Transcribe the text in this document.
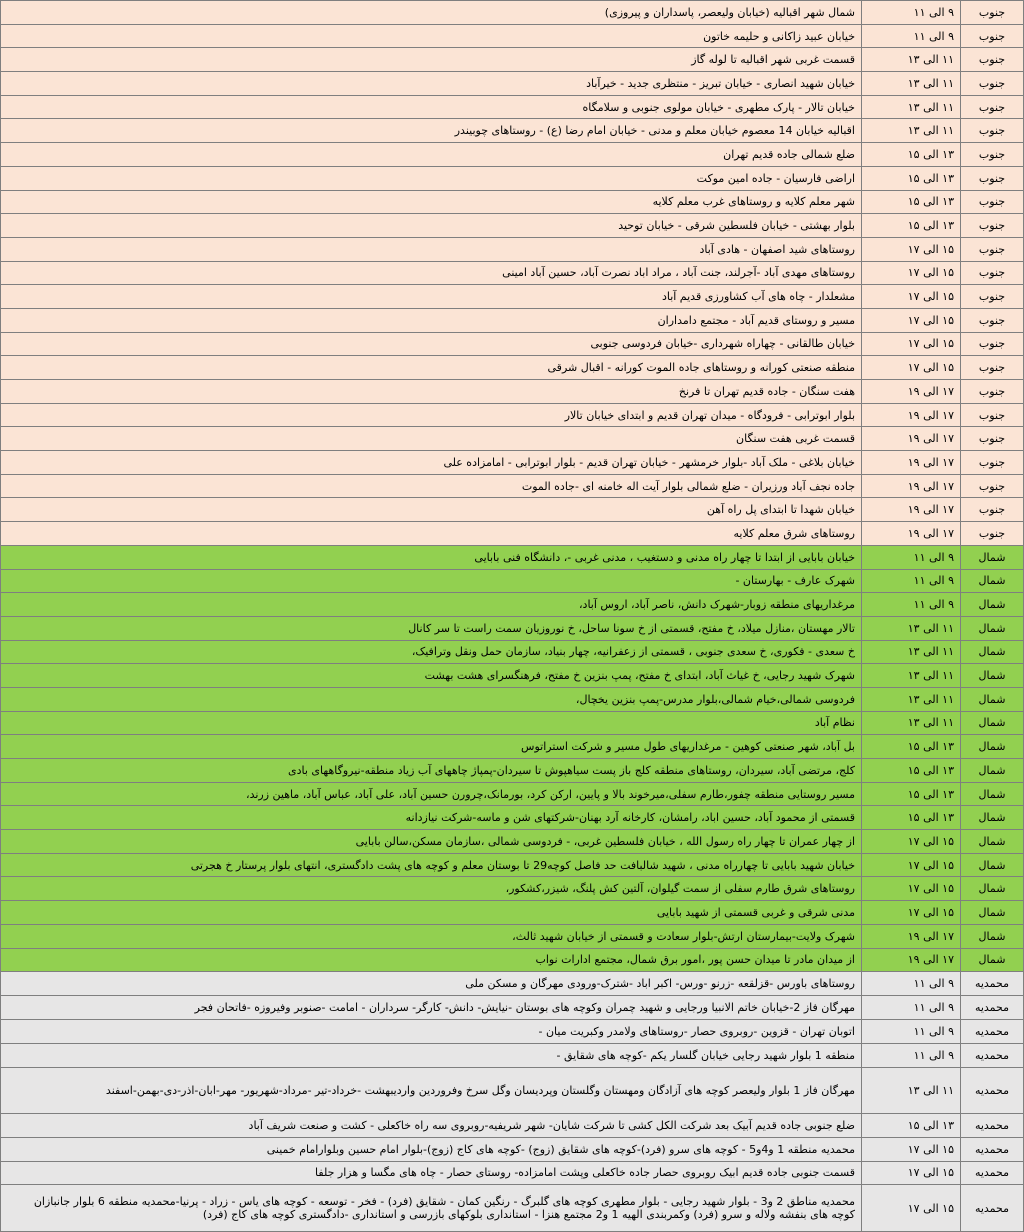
جنوب	۹ الی ۱۱	شمال شهر اقبالیه (خیابان ولیعصر، پاسداران و پیروزی)
جنوب	۹ الی ۱۱	خیابان عبید زاکانی و حلیمه خاتون
جنوب	۱۱ الی ۱۳	قسمت غربی شهر اقبالیه تا لوله گاز
جنوب	۱۱ الی ۱۳	خیابان شهید انصاری - خیابان تبریز - منتظری جدید - خیرآباد
جنوب	۱۱ الی ۱۳	خیابان تالار - پارک مطهری - خیابان مولوی جنوبی و سلامگاه
جنوب	۱۱ الی ۱۳	اقبالیه خیابان 14 معصوم خیابان معلم و مدنی - خیابان امام رضا (ع) - روستاهای چوبیندر
جنوب	۱۳ الی ۱۵	ضلع شمالی جاده قدیم تهران
جنوب	۱۳ الی ۱۵	اراضی فارسیان - جاده امین موکت
جنوب	۱۳ الی ۱۵	شهر معلم کلایه و روستاهای غرب معلم کلایه
جنوب	۱۳ الی ۱۵	بلوار بهشتی - خیابان فلسطین شرقی - خیابان توحید
جنوب	۱۵ الی ۱۷	روستاهای شید اصفهان - هادی آباد
جنوب	۱۵ الی ۱۷	روستاهای مهدی آباد -آجرلند، جنت آباد ، مراد اباد نصرت آباد، حسین آباد امینی
جنوب	۱۵ الی ۱۷	مشعلدار - چاه های آب کشاورزی قدیم آباد
جنوب	۱۵ الی ۱۷	مسیر و روستای قدیم آباد - مجتمع دامداران
جنوب	۱۵ الی ۱۷	خیابان طالقانی - چهاراه شهرداری -خیابان فردوسی جنوبی
جنوب	۱۵ الی ۱۷	منطقه صنعتی کورانه و روستاهای جاده الموت کورانه - اقبال شرقی
جنوب	۱۷ الی ۱۹	هفت سنگان - جاده قدیم تهران تا فرنخ
جنوب	۱۷ الی ۱۹	بلوار ابوترابی - فرودگاه - میدان تهران قدیم و ابتدای خیابان تالار
جنوب	۱۷ الی ۱۹	قسمت غربی هفت سنگان
جنوب	۱۷ الی ۱۹	خیابان بلاغی - ملک آباد -بلوار خرمشهر - خیابان تهران قدیم - بلوار ابوترابی - امامزاده علی
جنوب	۱۷ الی ۱۹	جاده نجف آباد ورزیران - ضلع شمالی بلوار آیت اله خامنه ای -جاده الموت
جنوب	۱۷ الی ۱۹	خیابان شهدا تا ابتدای پل راه آهن
جنوب	۱۷ الی ۱۹	روستاهای شرق معلم کلایه
شمال	۹ الی ۱۱	خیابان بابایی از ابتدا تا چهار راه مدنی و دستغیب ، مدنی غربی -، دانشگاه فنی بابایی
شمال	۹ الی ۱۱	شهرک عارف - بهارستان -
شمال	۹ الی ۱۱	مرغداریهای منطقه زوبار-شهرک دانش، ناصر آباد، اروس آباد،
شمال	۱۱ الی ۱۳	تالار مهستان ،منازل میلاد، خ مفتح، قسمتی از خ سونا ساحل، خ نوروزیان سمت راست تا سر کانال
شمال	۱۱ الی ۱۳	خ سعدی - فکوری، خ سعدی جنوبی ، قسمتی از زعفرانیه، چهار بنیاد، سازمان حمل ونقل وترافیک،
شمال	۱۱ الی ۱۳	شهرک شهید رجایی، خ غیاث آباد، ابتدای خ مفتح، پمپ بنزین خ مفتح، فرهنگسرای هشت بهشت
شمال	۱۱ الی ۱۳	فردوسی شمالی،خیام شمالی،بلوار مدرس-پمپ بنزین یخچال،
شمال	۱۱ الی ۱۳	نظام آباد
شمال	۱۳ الی ۱۵	بل آباد، شهر صنعتی کوهین - مرغداریهای طول مسیر و شرکت استراتوس
شمال	۱۳ الی ۱۵	کلج، مرتضی آباد، سیردان، روستاهای منطقه کلج باز پست سیاهپوش تا سیردان-پمپاژ چاههای آب زیاد منطقه-نیروگاههای بادی
شمال	۱۳ الی ۱۵	مسیر روستایی منطقه چفور،طارم سفلی،میرخوند بالا و پایین، ارکن کرد، بورمانک،چرورن حسین آباد، علی آباد، عباس آباد، ماهین زرند،
شمال	۱۳ الی ۱۵	قسمتی از محمود آباد، حسین اباد، رامشان، کارخانه آرد بهنان-شرکتهای شن و ماسه-شرکت نیازدانه
شمال	۱۵ الی ۱۷	از چهار عمران تا چهار راه رسول الله ، خیابان فلسطین غربی، - فردوسی شمالی ،سازمان مسکن،سالن بابایی
شمال	۱۵ الی ۱۷	خیابان شهید بابایی تا چهارراه مدنی ، شهید شالبافت حد فاصل کوچه29 تا بوستان معلم و کوچه های پشت دادگستری، انتهای بلوار پرستار خ هجرتی
شمال	۱۵ الی ۱۷	روستاهای شرق طارم سفلی از سمت گیلوان، آلتین کش پلنگ، شیزر،کشکور،
شمال	۱۵ الی ۱۷	مدنی شرقی و غربی قسمتی از شهید بابایی
شمال	۱۷ الی ۱۹	شهرک ولایت-بیمارستان ارتش-بلوار سعادت و قسمتی از خیابان شهید ثالث،
شمال	۱۷ الی ۱۹	از میدان مادر تا میدان حسن پور ،امور برق شمال، مجتمع ادارات نواب
محمدیه	۹ الی ۱۱	روستاهای باورس -قزلقعه -زرنو -ورس- اکبر اباد -شترک-ورودی مهرگان و مسکن ملی
محمدیه	۹ الی ۱۱	مهرگان فاز 2-خیابان خاتم الانبیا ورجایی و شهید چمران وکوچه های بوستان -نیایش- دانش- کارگر- سرداران - امامت -صنوبر وفیروزه -فاتحان فجر
محمدیه	۹ الی ۱۱	اتوبان تهران - قزوین -روبروی حصار -روستاهای ولامدر وکبریت میان -
محمدیه	۹ الی ۱۱	منطقه 1 بلوار شهید رجایی خیابان گلسار یکم -کوچه های شقایق -
محمدیه	۱۱ الی ۱۳	مهرگان فاز 1 بلوار ولیعصر کوچه های آزادگان ومهستان وگلستان وپردیسان وگل سرخ وفروردین واردیبهشت -خرداد-تیر -مرداد-شهریور- مهر-ابان-اذر-دی-بهمن-اسفند
محمدیه	۱۳ الی ۱۵	ضلع جنوبی جاده قدیم آبیک بعد شرکت الکل کشی تا شرکت شایان- شهر شریفیه-روبروی سه راه خاکعلی - کشت و صنعت شریف آباد
محمدیه	۱۵ الی ۱۷	محمدیه منطقه 1 و4و5 - کوچه های سرو (فرد)-کوچه های شقایق (زوج) -کوچه های کاج (زوج)-بلوار امام حسین وبلوارامام خمینی
محمدیه	۱۵ الی ۱۷	قسمت جنوبی جاده قدیم ابیک روبروی حصار جاده خاکعلی وپشت امامزاده- روستای حصار - چاه های مگسا و هزار جلفا
محمدیه	۱۵ الی ۱۷	محمدیه مناطق 2 و3 - بلوار شهید رجایی - بلوار مطهری کوچه های گلبرگ - رنگین کمان - شقایق (فرد) - فخر - توسعه - کوچه های یاس - زراد - پرنیا-محمدیه منطقه 6 بلوار جانبازان کوچه های بنفشه ولاله و سرو (فرد) وکمربندی الهیه 1 و2 مجتمع هنزا - استانداری بلوکهای بازرسی و استانداری -دادگستری کوچه های کاج (فرد)
